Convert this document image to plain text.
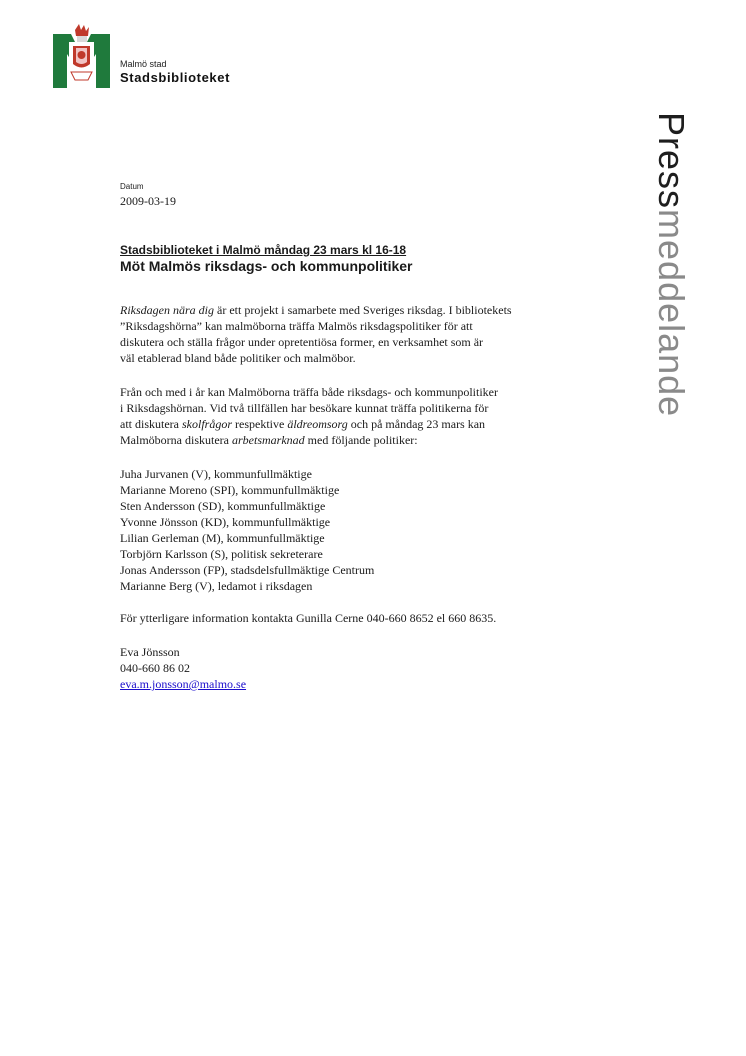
Malmö stad
Stadsbiblioteket
Pressmeddelande
Datum
2009-03-19
Stadsbiblioteket i Malmö måndag 23 mars kl 16-18
Möt Malmös riksdags- och kommunpolitiker

Riksdagen nära dig är ett projekt i samarbete med Sveriges riksdag. I bibliotekets
”Riksdagshörna” kan malmöborna träffa Malmös riksdagspolitiker för att
diskutera och ställa frågor under opretentiösa former, en verksamhet som är
väl etablerad bland både politiker och malmöbor.

Från och med i år kan Malmöborna träffa både riksdags- och kommunpolitiker
i Riksdagshörnan. Vid två tillfällen har besökare kunnat träffa politikerna för
att diskutera skolfrågor respektive äldreomsorg och på måndag 23 mars kan
Malmöborna diskutera arbetsmarknad med följande politiker:

Juha Jurvanen (V), kommunfullmäktige
Marianne Moreno (SPI), kommunfullmäktige
Sten Andersson (SD), kommunfullmäktige
Yvonne Jönsson (KD), kommunfullmäktige
Lilian Gerleman (M), kommunfullmäktige
Torbjörn Karlsson (S), politisk sekreterare
Jonas Andersson (FP), stadsdelsfullmäktige Centrum
Marianne Berg (V), ledamot i riksdagen

För ytterligare information kontakta Gunilla Cerne 040-660 8652 el 660 8635.

Eva Jönsson
040-660 86 02
eva.m.jonsson@malmo.se
